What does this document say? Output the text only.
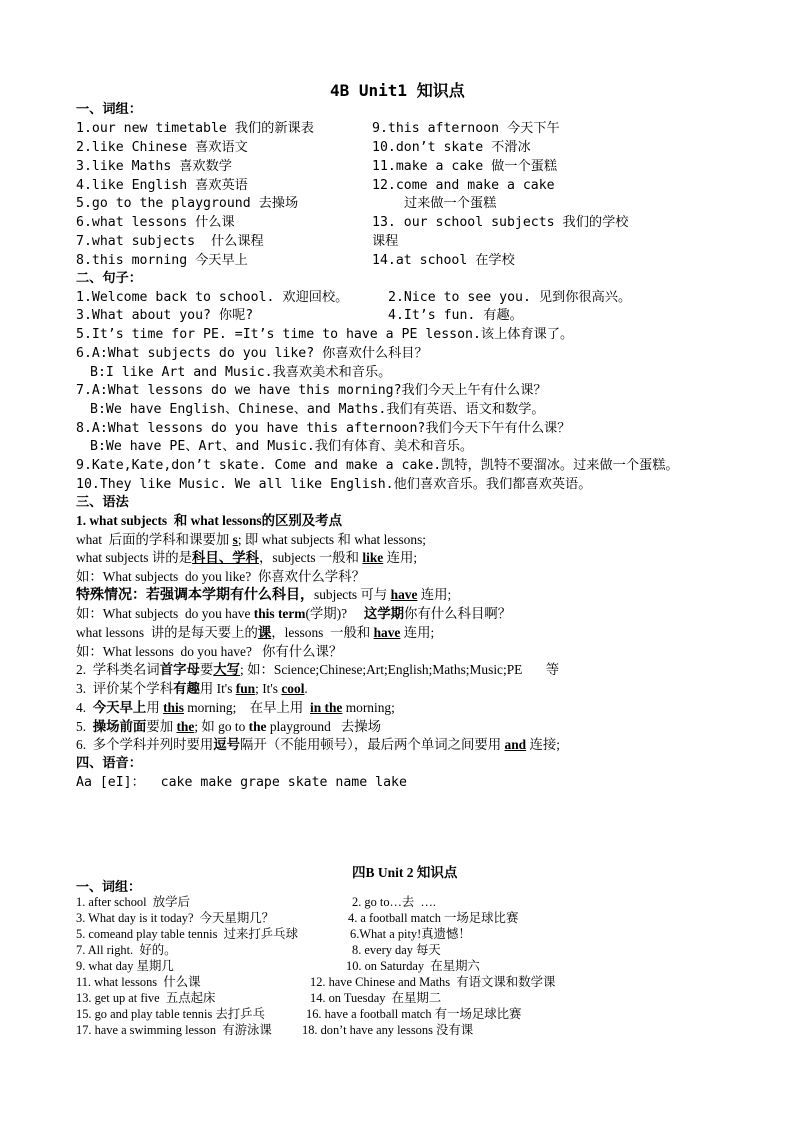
4B Unit1 知识点
一、词组：
1.our new timetable 我们的新课表	9.this afternoon 今天下午
2.like Chinese 喜欢语文	10.don’t skate 不滑冰
3.like Maths 喜欢数学	11.make a cake 做一个蛋糕
4.like English 喜欢英语	12.come and make a cake
5.go to the playground 去操场	过来做一个蛋糕
6.what lessons 什么课	13. our school subjects 我们的学校
7.what subjects  什么课程	课程
8.this morning 今天早上	14.at school 在学校
二、句子：
1.Welcome back to school. 欢迎回校。	2.Nice to see you. 见到你很高兴。
3.What about you? 你呢?	4.It’s fun. 有趣。
5.It’s time for PE. =It’s time to have a PE lesson.该上体育课了。
6.A:What subjects do you like? 你喜欢什么科目？
B:I like Art and Music.我喜欢美术和音乐。
7.A:What lessons do we have this morning?我们今天上午有什么课？
B:We have English、Chinese、and Maths.我们有英语、语文和数学。
8.A:What lessons do you have this afternoon?我们今天下午有什么课？
B:We have PE、Art、and Music.我们有体育、美术和音乐。
9.Kate,Kate,don’t skate. Come and make a cake.凯特，凯特不要溜冰。过来做一个蛋糕。
10.They like Music. We all like English.他们喜欢音乐。我们都喜欢英语。
三、语法
1. what subjects  和 what lessons的区别及考点
what  后面的学科和课要加 s; 即 what subjects 和 what lessons;
what subjects 讲的是科目、学科，subjects 一般和 like 连用;
如：What subjects  do you like?  你喜欢什么学科？
特殊情况：若强调本学期有什么科目，subjects 可与 have 连用;
如：What subjects  do you have this term(学期)?     这学期你有什么科目啊？
what lessons  讲的是每天要上的课，lessons  一般和 have 连用;
如：What lessons  do you have?   你有什么课？
2.  学科类名词首字母要大写; 如：Science;Chinese;Art;English;Maths;Music;PE       等
3.  评价某个学科有趣用 It's fun; It's cool.
4.  今天早上用 this morning;    在早上用  in the morning;
5.  操场前面要加 the; 如 go to the playground   去操场
6.  多个学科并列时要用逗号隔开（不能用顿号），最后两个单词之间要用 and 连接;
四、语音：
Aa [eI]：  cake make grape skate name lake
四B Unit 2 知识点
一、词组：
1. after school  放学后	2. go to…去  ….
3. What day is it today?  今天星期几？	4. a football match 一场足球比赛
5. comeand play table tennis  过来打乒乓球	6.What a pity!真遗憾！
7. All right.  好的。	8. every day 每天
9. what day 星期几	10. on Saturday  在星期六
11. what lessons  什么课	12. have Chinese and Maths  有语文课和数学课
13. get up at five  五点起床	14. on Tuesday  在星期二
15. go and play table tennis 去打乒乓	16. have a football match 有一场足球比赛
17. have a swimming lesson  有游泳课 18. don’t have any lessons 没有课
